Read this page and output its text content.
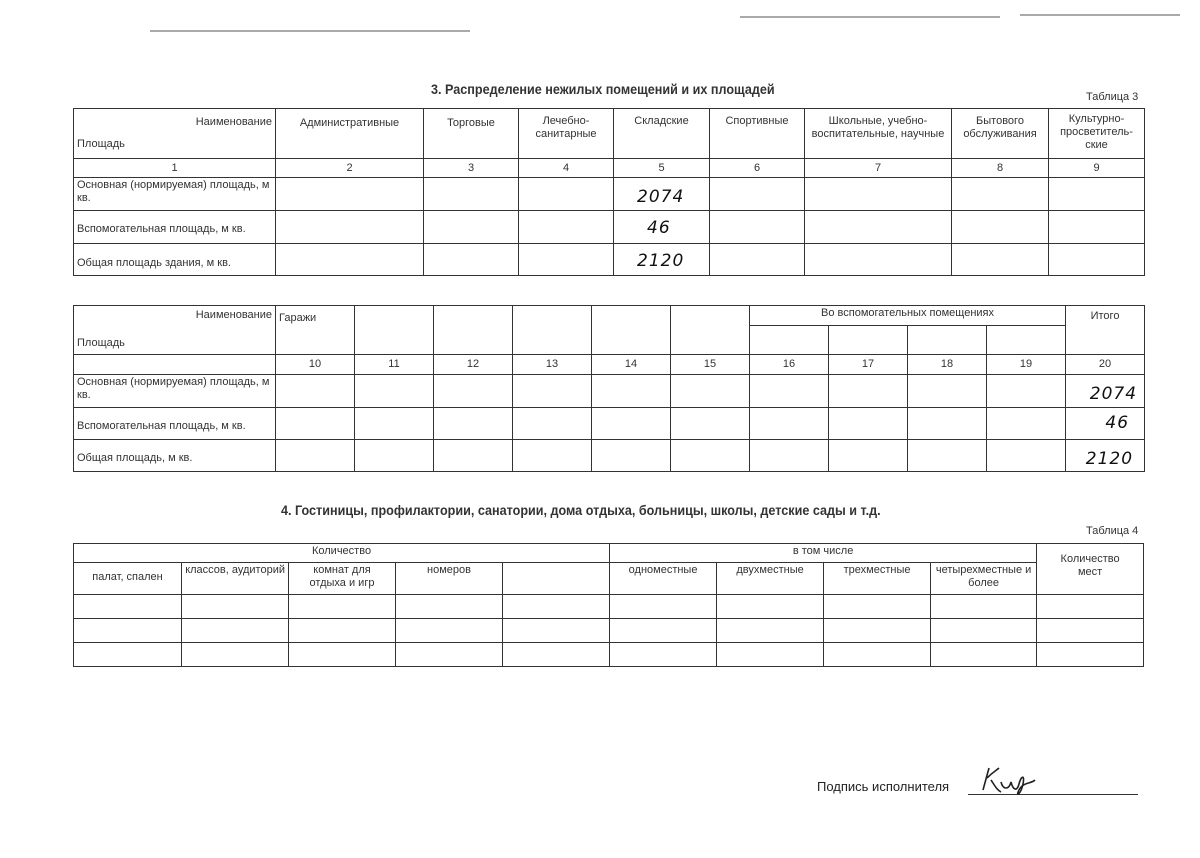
3. Распределение нежилых помещений и их площадей	Таблица 3
Наименование
Площадь	Административные	Торговые	Лечебно-санитарные	Складские	Спортивные	Школьные, учебно-воспитательные, научные	Бытового обслуживания	Культурно-просветитель-ские
1	2	3	4	5	6	7	8	9
Основная (нормируемая) площадь, м кв.				2074				

Вспомогательная площадь, м кв.				46				

Общая площадь здания, м кв.				2120				

Наименование
Площадь	Гаражи						Во вспомогательных помещениях				Итого

	10	11	12	13	14	15	16	17	18	19	20
Основная (нормируемая) площадь, м кв.											2074

Вспомогательная площадь, м кв.											46

Общая площадь, м кв.											2120
4. Гостиницы, профилактории, санатории, дома отдыха, больницы, школы, детские сады и т.д.
Таблица 4
Количество					в том числе				Количество мест
палат, спален	классов, аудиторий	комнат для отдыха и игр	номеров		одноместные	двухместные	трехместные	четырехместные и более	

Подпись исполнителя
